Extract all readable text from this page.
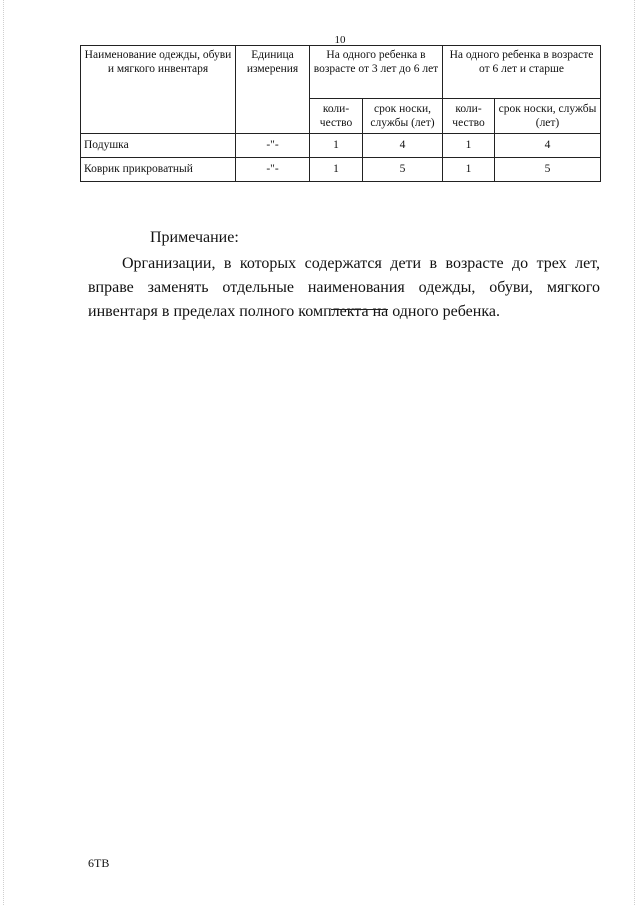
10
Наименование одежды, обуви и мягкого инвентаря	Единица измерения	На одного ребенка в возрасте от 3 лет до 6 лет		На одного ребенка в возрасте от 6 лет и старше	
		коли-чество	срок носки, службы (лет)	коли-чество	срок носки, службы (лет)
Подушка	-"-	1	4	1	4
Коврик прикроватный	-"-	1	5	1	5
Примечание:

Организации, в которых содержатся дети в возрасте до трех лет, вправе заменять отдельные наименования одежды, обуви, мягкого инвентаря в пределах полного комплекта на одного ребенка.

6ТВ
